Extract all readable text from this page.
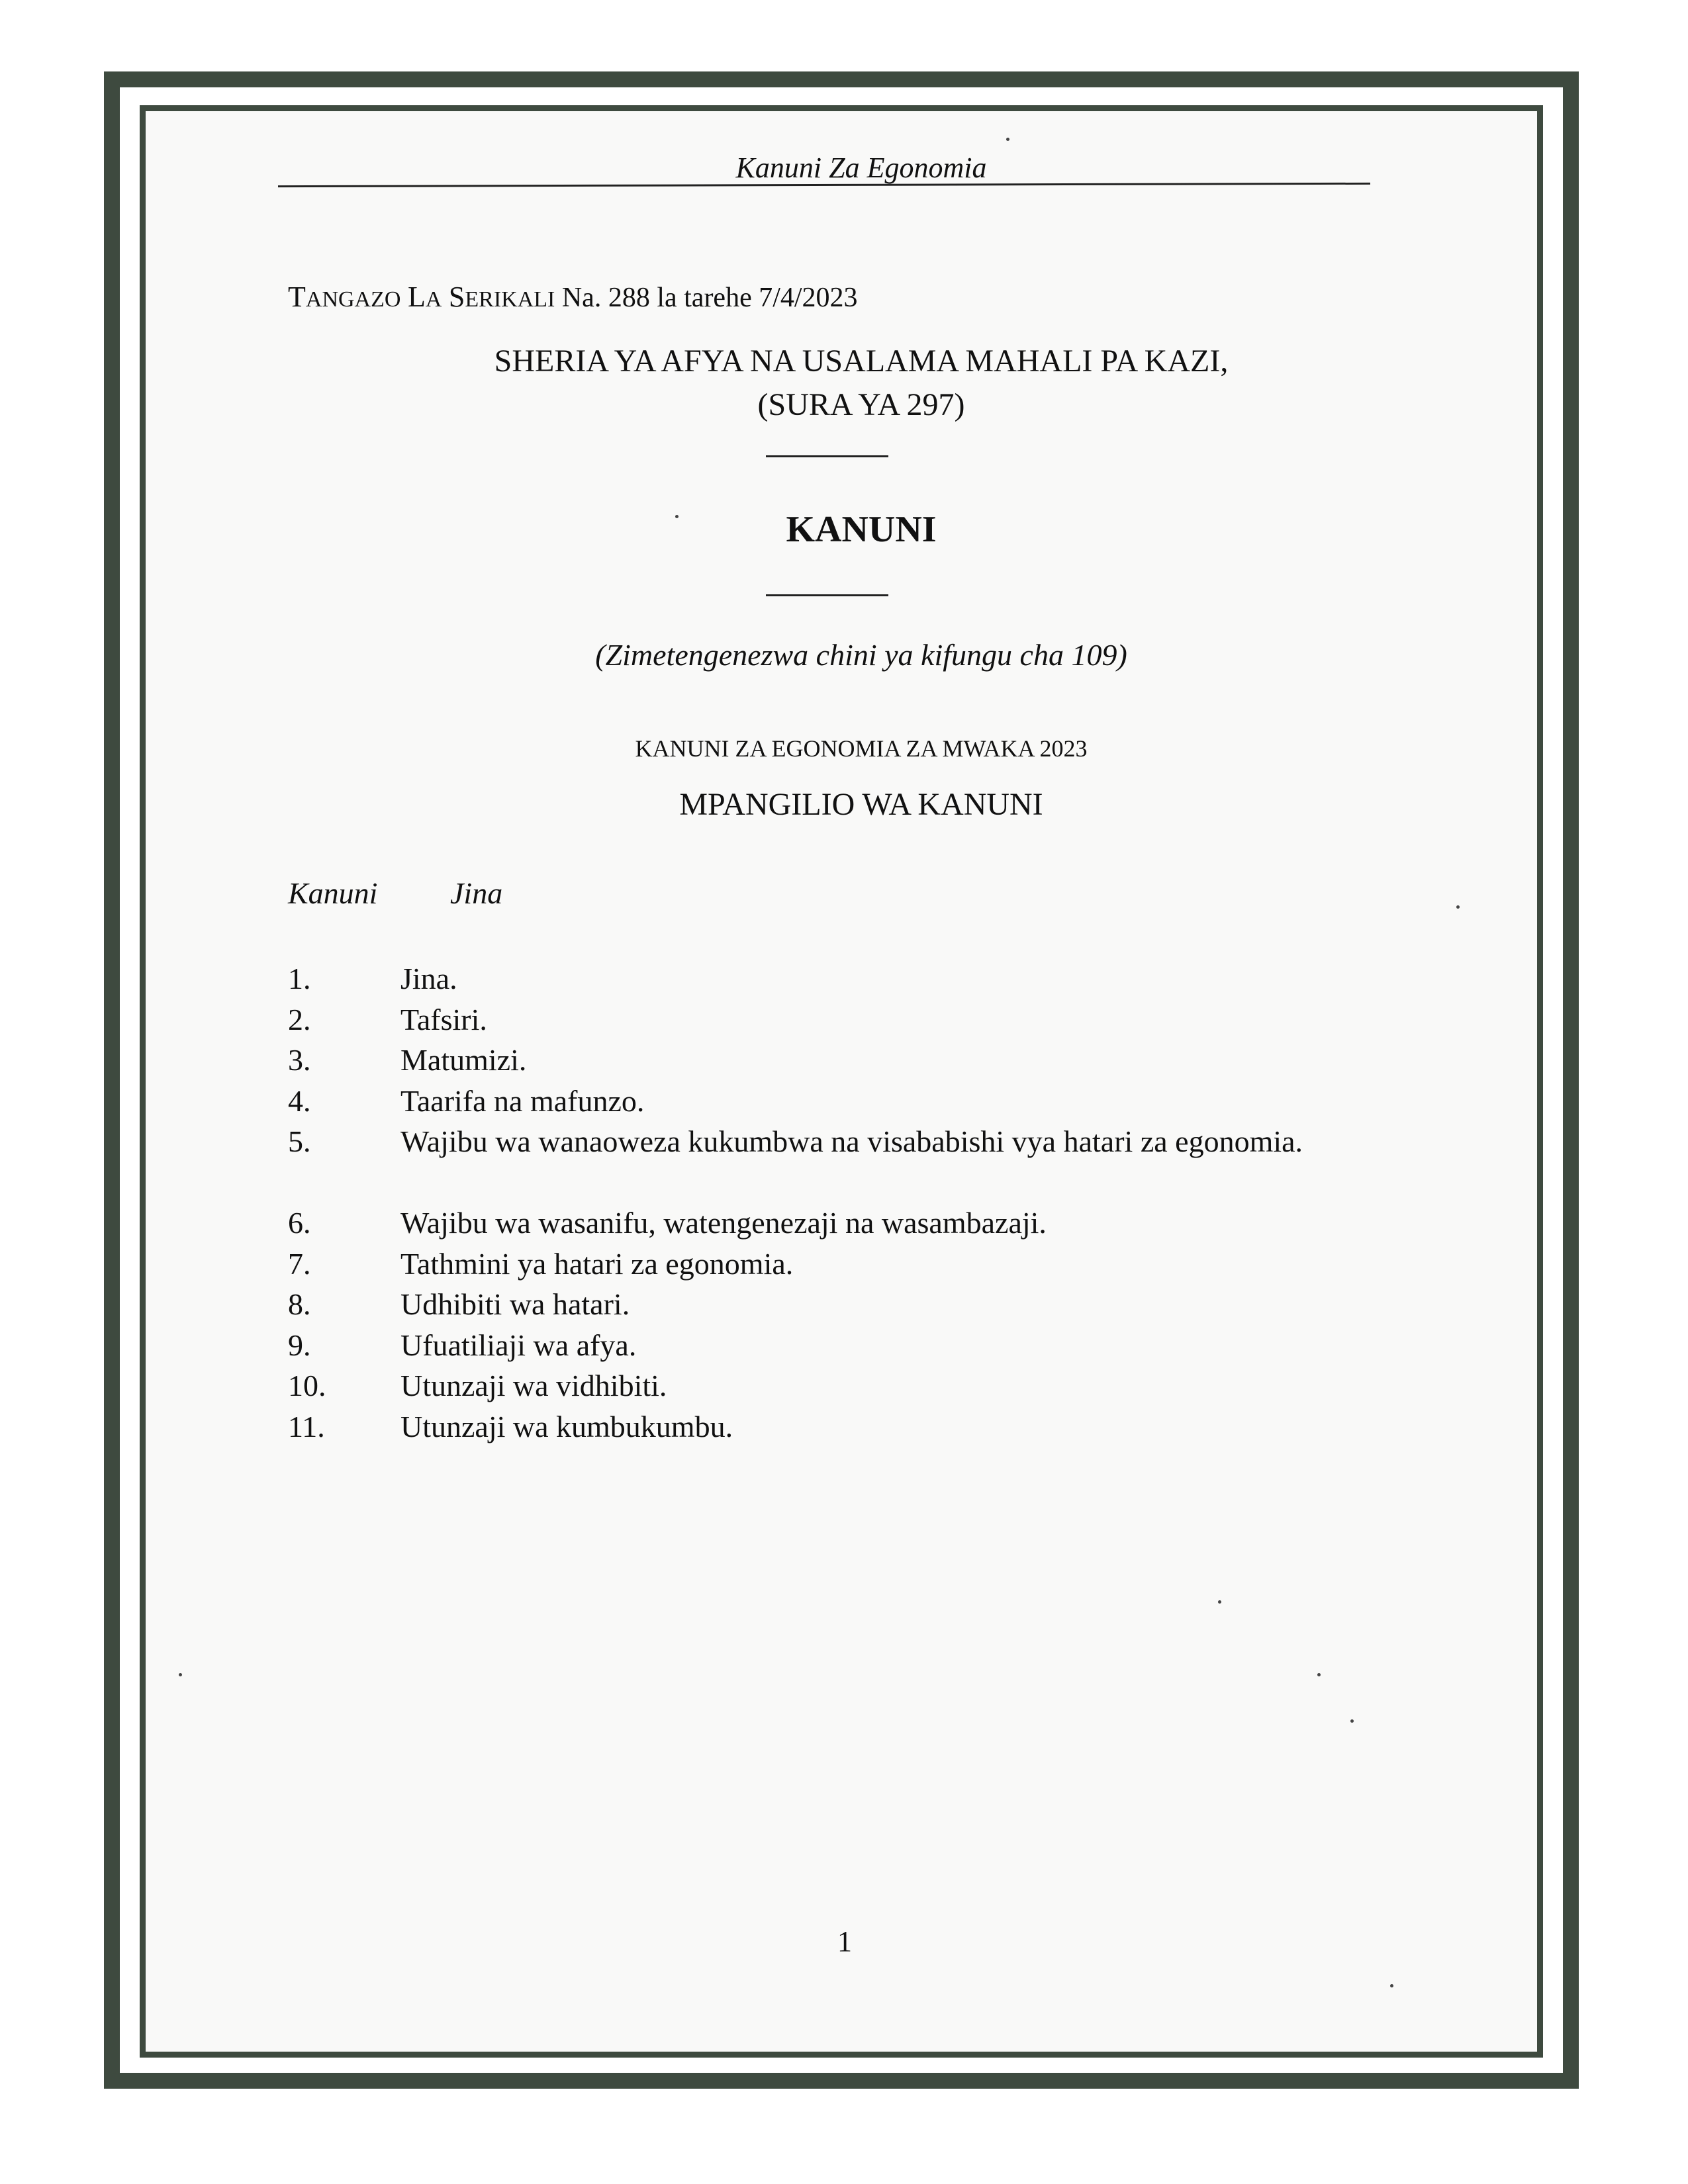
Kanuni Za Egonomia
TANGAZO LA SERIKALI Na. 288 la tarehe 7/4/2023
SHERIA YA AFYA NA USALAMA MAHALI PA KAZI,
(SURA YA 297)
KANUNI
(Zimetengenezwa chini ya kifungu cha 109)
KANUNI ZA EGONOMIA ZA MWAKA 2023
MPANGILIO WA KANUNI
Kanuni Jina
1.	Jina.
2.	Tafsiri.
3.	Matumizi.
4.	Taarifa na mafunzo.
5.	Wajibu wa wanaoweza kukumbwa na visababishi vya hatari za egonomia.
6.	Wajibu wa wasanifu, watengenezaji na wasambazaji.
7.	Tathmini ya hatari za egonomia.
8.	Udhibiti wa hatari.
9.	Ufuatiliaji wa afya.
10. Utunzaji wa vidhibiti.
11. Utunzaji wa kumbukumbu.
1
